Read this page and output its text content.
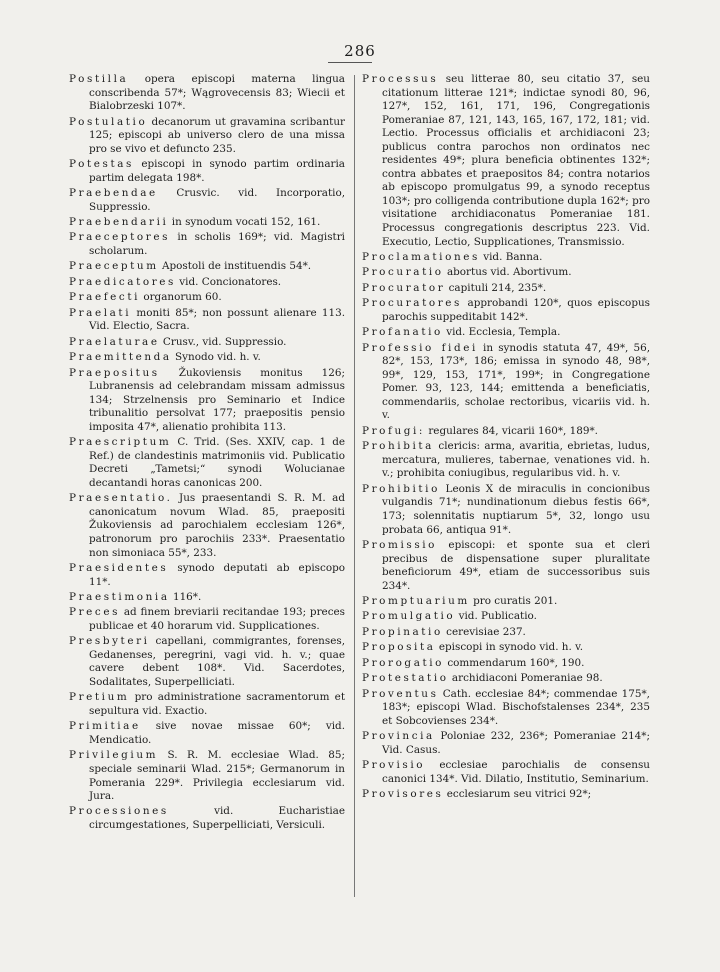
286

Postilla opera episcopi materna lingua conscribenda 57*; Wągrovecensis 83; Wiecii et Bialobrzeski 107*.

Postulatio decanorum ut gravamina scribantur 125; episcopi ab universo clero de una missa pro se vivo et defuncto 235.

Potestas episcopi in synodo partim ordinaria partim delegata 198*.

Praebendae Crusvic. vid. Incorporatio, Suppressio.

Praebendarii in synodum vocati 152, 161.

Praeceptores in scholis 169*; vid. Magistri scholarum.

Praeceptum Apostoli de instituendis 54*.

Praedicatores vid. Concionatores.

Praefecti organorum 60.

Praelati moniti 85*; non possunt alienare 113. Vid. Electio, Sacra.

Praelaturae Crusv., vid. Suppressio.

Praemittenda Synodo vid. h. v.

Praepositus Žukoviensis monitus 126; Lubranensis ad celebrandam missam admissus 134; Strzelnensis pro Seminario et Indice tribunalitio persolvat 177; praepositis pensio imposita 47*, alienatio prohibita 113.

Praescriptum C. Trid. (Ses. XXIV, cap. 1 de Ref.) de clandestinis matrimoniis vid. Publicatio Decreti „Tametsi;“ synodi Wolucianae decantandi horas canonicas 200.

Praesentatio. Jus praesentandi S. R. M. ad canonicatum novum Wlad. 85, praepositi Žukoviensis ad parochialem ecclesiam 126*, patronorum pro parochiis 233*. Praesentatio non simoniaca 55*, 233.

Praesidentes synodo deputati ab episcopo 11*.

Praestimonia 116*.

Preces ad finem breviarii recitandae 193; preces publicae et 40 horarum vid. Supplicationes.

Presbyteri capellani, commigrantes, forenses, Gedanenses, peregrini, vagi vid. h. v.; quae cavere debent 108*. Vid. Sacerdotes, Sodalitates, Superpelliciati.

Pretium pro administratione sacramentorum et sepultura vid. Exactio.

Primitiae sive novae missae 60*; vid. Mendicatio.

Privilegium S. R. M. ecclesiae Wlad. 85; speciale seminarii Wlad. 215*; Germanorum in Pomerania 229*. Privilegia ecclesiarum vid. Jura.

Processiones vid. Eucharistiae circumgestationes, Superpelliciati, Versiculi.

Processus seu litterae 80, seu citatio 37, seu citationum litterae 121*; indictae synodi 80, 96, 127*, 152, 161, 171, 196, Congregationis Pomeraniae 87, 121, 143, 165, 167, 172, 181; vid. Lectio. Processus officialis et archidiaconi 23; publicus contra parochos non ordinatos nec residentes 49*; plura beneficia obtinentes 132*; contra abbates et praepositos 84; contra notarios ab episcopo promulgatus 99, a synodo receptus 103*; pro colligenda contributione dupla 162*; pro visitatione archidiaconatus Pomeraniae 181. Processus congregationis descriptus 223. Vid. Executio, Lectio, Supplicationes, Transmissio.

Proclamationes vid. Banna.

Procuratio abortus vid. Abortivum.

Procurator capituli 214, 235*.

Procuratores approbandi 120*, quos episcopus parochis suppeditabit 142*.

Profanatio vid. Ecclesia, Templa.

Professio fidei in synodis statuta 47, 49*, 56, 82*, 153, 173*, 186; emissa in synodo 48, 98*, 99*, 129, 153, 171*, 199*; in Congregatione Pomer. 93, 123, 144; emittenda a beneficiatis, commendariis, scholae rectoribus, vicariis vid. h. v.

Profugi: regulares 84, vicarii 160*, 189*.

Prohibita clericis: arma, avaritia, ebrietas, ludus, mercatura, mulieres, tabernae, venationes vid. h. v.; prohibita coniugibus, regularibus vid. h. v.

Prohibitio Leonis X de miraculis in concionibus vulgandis 71*; nundinationum diebus festis 66*, 173; solennitatis nuptiarum 5*, 32, longo usu probata 66, antiqua 91*.

Promissio episcopi: et sponte sua et cleri precibus de dispensatione super pluralitate beneficiorum 49*, etiam de successoribus suis 234*.

Promptuarium pro curatis 201.

Promulgatio vid. Publicatio.

Propinatio cerevisiae 237.

Proposita episcopi in synodo vid. h. v.

Prorogatio commendarum 160*, 190.

Protestatio archidiaconi Pomeraniae 98.

Proventus Cath. ecclesiae 84*; commendae 175*, 183*; episcopi Wlad. Bischofstalenses 234*, 235 et Sobcovienses 234*.

Provincia Poloniae 232, 236*; Pomeraniae 214*; Vid. Casus.

Provisio ecclesiae parochialis de consensu canonici 134*. Vid. Dilatio, Institutio, Seminarium.

Provisores ecclesiarum seu vitrici 92*;
